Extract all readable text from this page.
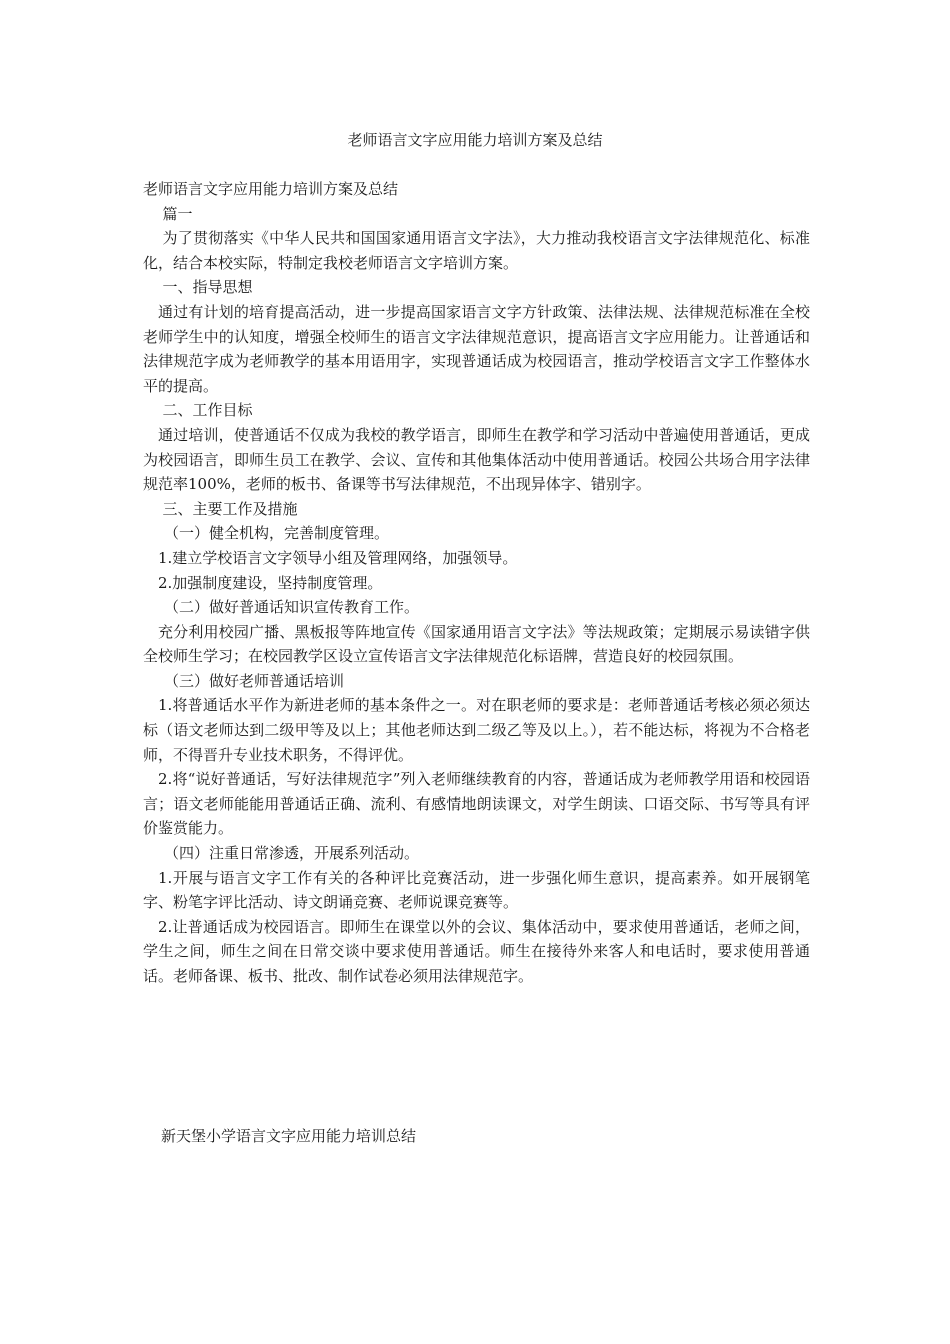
老师语言文字应用能力培训方案及总结

老师语言文字应用能力培训方案及总结

篇一

为了贯彻落实《中华人民共和国国家通用语言文字法》，大力推动我校语言文字法律规范化、标准化，结合本校实际，特制定我校老师语言文字培训方案。

一、指导思想

通过有计划的培育提高活动，进一步提高国家语言文字方针政策、法律法规、法律规范标准在全校老师学生中的认知度，增强全校师生的语言文字法律规范意识，提高语言文字应用能力。让普通话和法律规范字成为老师教学的基本用语用字，实现普通话成为校园语言，推动学校语言文字工作整体水平的提高。

二、工作目标

通过培训，使普通话不仅成为我校的教学语言，即师生在教学和学习活动中普遍使用普通话，更成为校园语言，即师生员工在教学、会议、宣传和其他集体活动中使用普通话。校园公共场合用字法律规范率100%，老师的板书、备课等书写法律规范，不出现异体字、错别字。

三、主要工作及措施

（一）健全机构，完善制度管理。

1.建立学校语言文字领导小组及管理网络，加强领导。

2.加强制度建设，坚持制度管理。

（二）做好普通话知识宣传教育工作。

充分利用校园广播、黑板报等阵地宣传《国家通用语言文字法》等法规政策；定期展示易读错字供全校师生学习；在校园教学区设立宣传语言文字法律规范化标语牌，营造良好的校园氛围。

（三）做好老师普通话培训

1.将普通话水平作为新进老师的基本条件之一。对在职老师的要求是：老师普通话考核必须必须达标（语文老师达到二级甲等及以上；其他老师达到二级乙等及以上。），若不能达标，将视为不合格老师，不得晋升专业技术职务，不得评优。

2.将“说好普通话，写好法律规范字”列入老师继续教育的内容，普通话成为老师教学用语和校园语言；语文老师能能用普通话正确、流利、有感情地朗读课文，对学生朗读、口语交际、书写等具有评价鉴赏能力。

（四）注重日常渗透，开展系列活动。

1.开展与语言文字工作有关的各种评比竞赛活动，进一步强化师生意识，提高素养。如开展钢笔字、粉笔字评比活动、诗文朗诵竞赛、老师说课竞赛等。

2.让普通话成为校园语言。即师生在课堂以外的会议、集体活动中，要求使用普通话，老师之间，学生之间，师生之间在日常交谈中要求使用普通话。师生在接待外来客人和电话时，要求使用普通话。老师备课、板书、批改、制作试卷必须用法律规范字。

新天堡小学语言文字应用能力培训总结
